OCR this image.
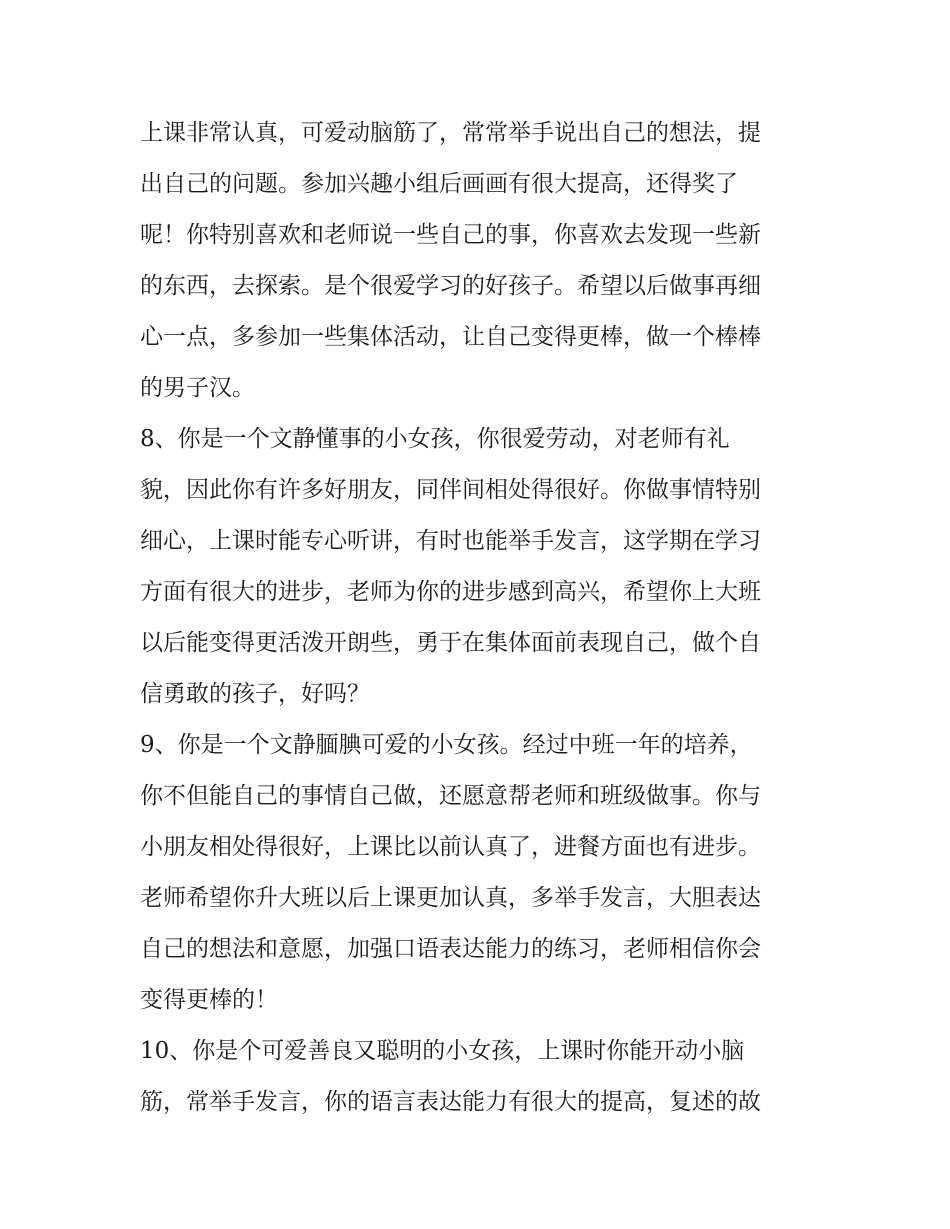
上课非常认真，可爱动脑筋了，常常举手说出自己的想法，提
出自己的问题。参加兴趣小组后画画有很大提高，还得奖了
呢！你特别喜欢和老师说一些自己的事，你喜欢去发现一些新
的东西，去探索。是个很爱学习的好孩子。希望以后做事再细
心一点，多参加一些集体活动，让自己变得更棒，做一个棒棒
的男子汉。
8、你是一个文静懂事的小女孩，你很爱劳动，对老师有礼
貌，因此你有许多好朋友，同伴间相处得很好。你做事情特别
细心，上课时能专心听讲，有时也能举手发言，这学期在学习
方面有很大的进步，老师为你的进步感到高兴，希望你上大班
以后能变得更活泼开朗些，勇于在集体面前表现自己，做个自
信勇敢的孩子，好吗？
9、你是一个文静腼腆可爱的小女孩。经过中班一年的培养，
你不但能自己的事情自己做，还愿意帮老师和班级做事。你与
小朋友相处得很好，上课比以前认真了，进餐方面也有进步。
老师希望你升大班以后上课更加认真，多举手发言，大胆表达
自己的想法和意愿，加强口语表达能力的练习，老师相信你会
变得更棒的！
10、你是个可爱善良又聪明的小女孩，上课时你能开动小脑
筋，常举手发言，你的语言表达能力有很大的提高，复述的故
